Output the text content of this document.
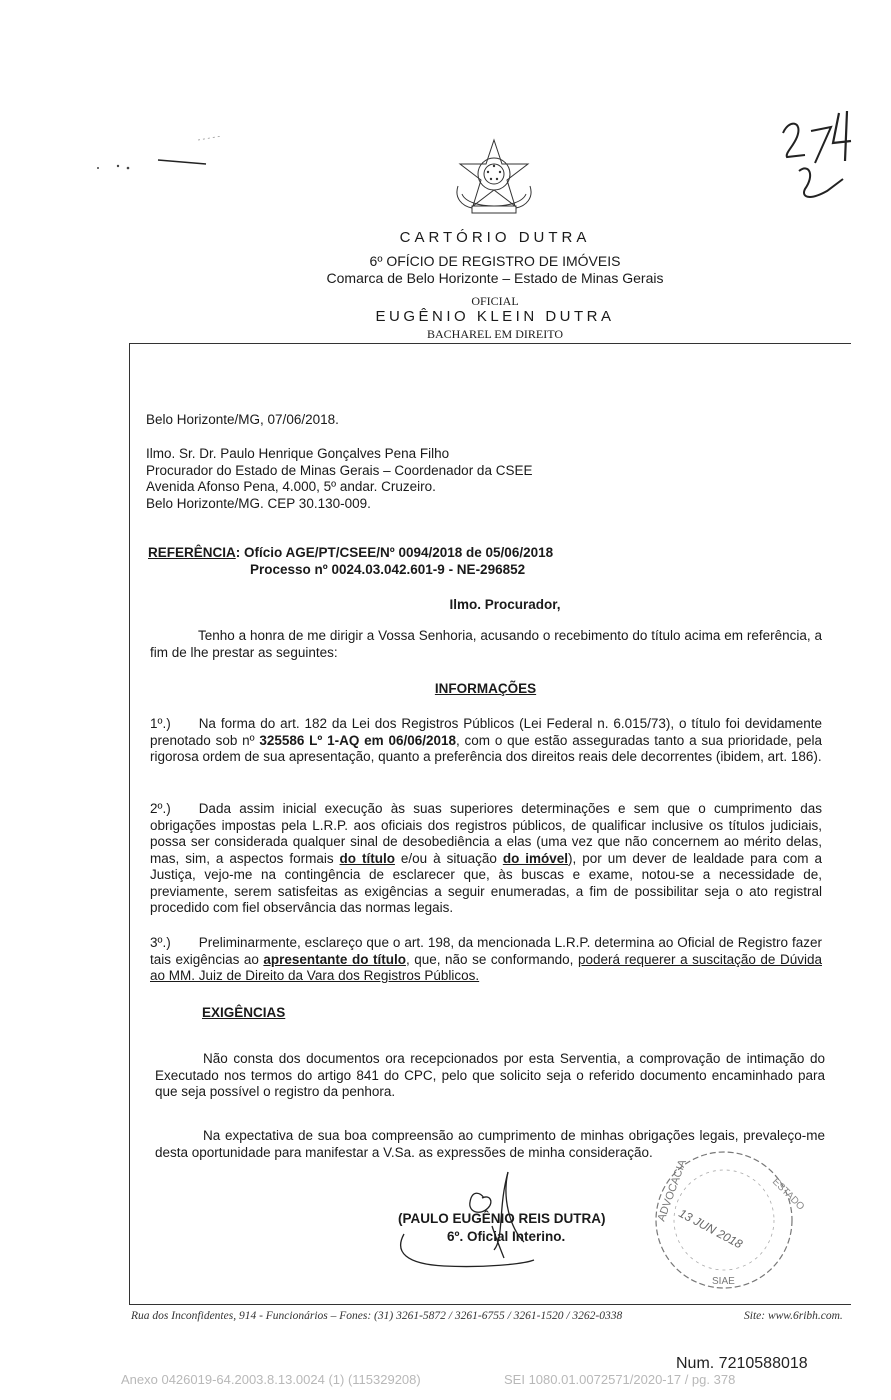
CARTÓRIO DUTRA
6º OFÍCIO DE REGISTRO DE IMÓVEIS
Comarca de Belo Horizonte – Estado de Minas Gerais
OFICIAL
EUGÊNIO KLEIN DUTRA
BACHAREL EM DIREITO
Belo Horizonte/MG, 07/06/2018.
Ilmo. Sr. Dr. Paulo Henrique Gonçalves Pena Filho
Procurador do Estado de Minas Gerais – Coordenador da CSEE
Avenida Afonso Pena, 4.000, 5º andar. Cruzeiro.
Belo Horizonte/MG. CEP 30.130-009.
REFERÊNCIA: Ofício AGE/PT/CSEE/Nº 0094/2018 de 05/06/2018
Processo nº 0024.03.042.601-9 - NE-296852
Ilmo. Procurador,
Tenho a honra de me dirigir a Vossa Senhoria, acusando o recebimento do título acima em referência, a fim de lhe prestar as seguintes:
INFORMAÇÕES
1º.) Na forma do art. 182 da Lei dos Registros Públicos (Lei Federal n. 6.015/73), o título foi devidamente prenotado sob nº 325586 Lº 1-AQ em 06/06/2018, com o que estão asseguradas tanto a sua prioridade, pela rigorosa ordem de sua apresentação, quanto a preferência dos direitos reais dele decorrentes (ibidem, art. 186).
2º.) Dada assim inicial execução às suas superiores determinações e sem que o cumprimento das obrigações impostas pela L.R.P. aos oficiais dos registros públicos, de qualificar inclusive os títulos judiciais, possa ser considerada qualquer sinal de desobediência a elas (uma vez que não concernem ao mérito delas, mas, sim, a aspectos formais do título e/ou à situação do imóvel), por um dever de lealdade para com a Justiça, vejo-me na contingência de esclarecer que, às buscas e exame, notou-se a necessidade de, previamente, serem satisfeitas as exigências a seguir enumeradas, a fim de possibilitar seja o ato registral procedido com fiel observância das normas legais.
3º.) Preliminarmente, esclareço que o art. 198, da mencionada L.R.P. determina ao Oficial de Registro fazer tais exigências ao apresentante do título, que, não se conformando, poderá requerer a suscitação de Dúvida ao MM. Juiz de Direito da Vara dos Registros Públicos.
EXIGÊNCIAS
Não consta dos documentos ora recepcionados por esta Serventia, a comprovação de intimação do Executado nos termos do artigo 841 do CPC, pelo que solicito seja o referido documento encaminhado para que seja possível o registro da penhora.
Na expectativa de sua boa compreensão ao cumprimento de minhas obrigações legais, prevaleço-me desta oportunidade para manifestar a V.Sa. as expressões de minha consideração.
(PAULO EUGÊNIO REIS DUTRA)
6º. Oficial Interino.
ADVOCACIA	ESTADO
SIAE
13 JUN 2018
Rua dos Inconfidentes, 914 - Funcionários – Fones: (31) 3261-5872 / 3261-6755 / 3261-1520 / 3262-0338	Site: www.6ribh.com.
Num. 7210588018
Anexo 0426019-64.2003.8.13.0024 (1) (115329208)	SEI 1080.01.0072571/2020-17 / pg. 378
